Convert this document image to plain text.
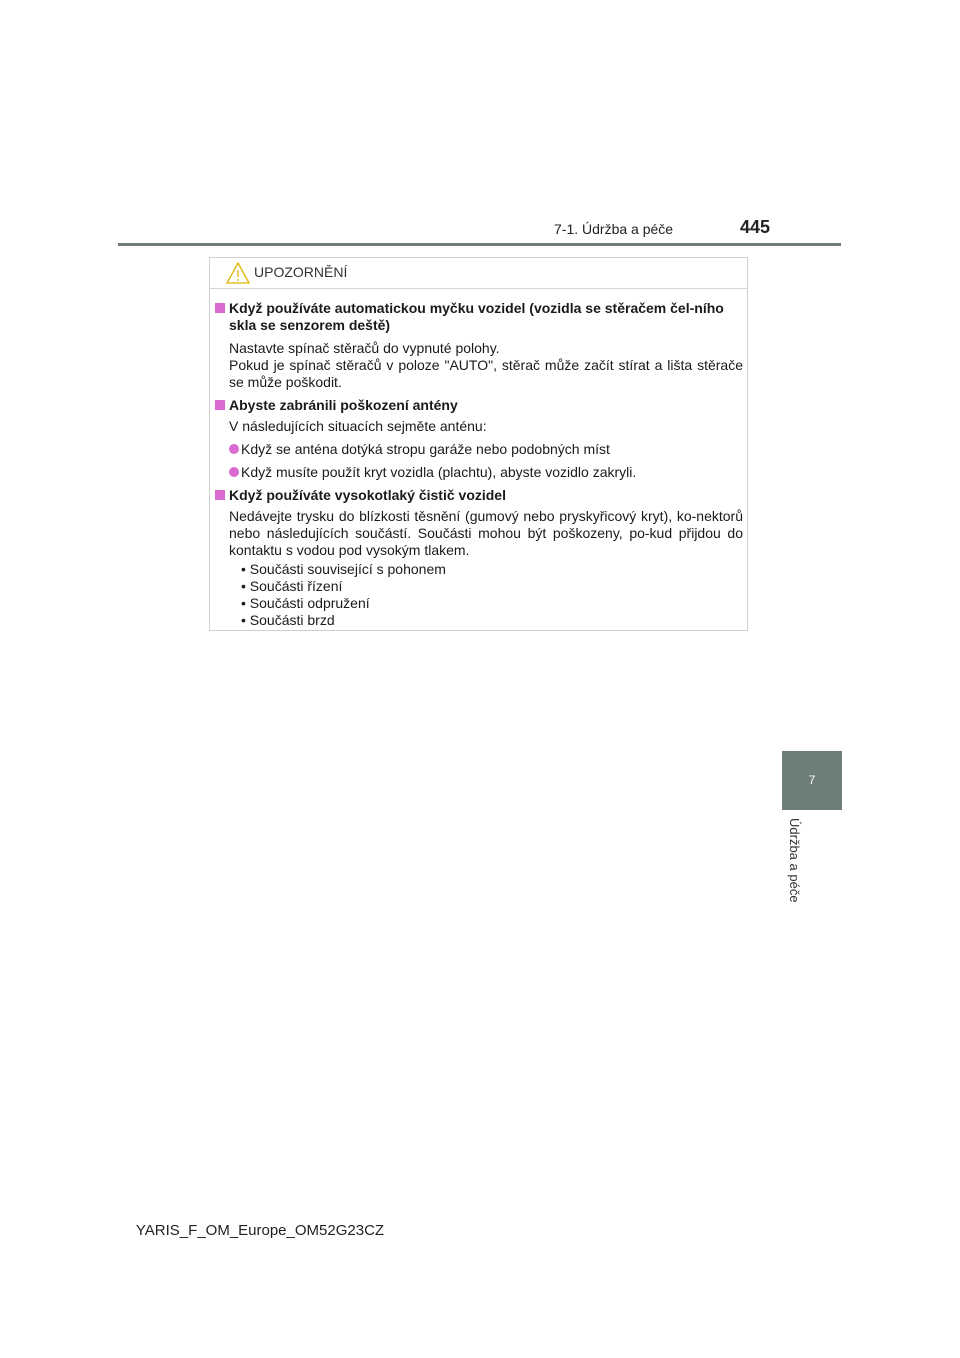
7-1. Údržba a péče	445
UPOZORNĚNÍ
Když používáte automatickou myčku vozidel (vozidla se stěračem čel-ního skla se senzorem deště)
Nastavte spínač stěračů do vypnuté polohy.
Pokud je spínač stěračů v poloze "AUTO", stěrač může začít stírat a lišta stěrače se může poškodit.
Abyste zabránili poškození antény
V následujících situacích sejměte anténu:
Když se anténa dotýká stropu garáže nebo podobných míst
Když musíte použít kryt vozidla (plachtu), abyste vozidlo zakryli.
Když používáte vysokotlaký čistič vozidel
Nedávejte trysku do blízkosti těsnění (gumový nebo pryskyřicový kryt), ko-nektorů nebo následujících součástí. Součásti mohou být poškozeny, po-kud přijdou do kontaktu s vodou pod vysokým tlakem.
• Součásti související s pohonem
• Součásti řízení
• Součásti odpružení
• Součásti brzd
7
Údržba a péče
YARIS_F_OM_Europe_OM52G23CZ
